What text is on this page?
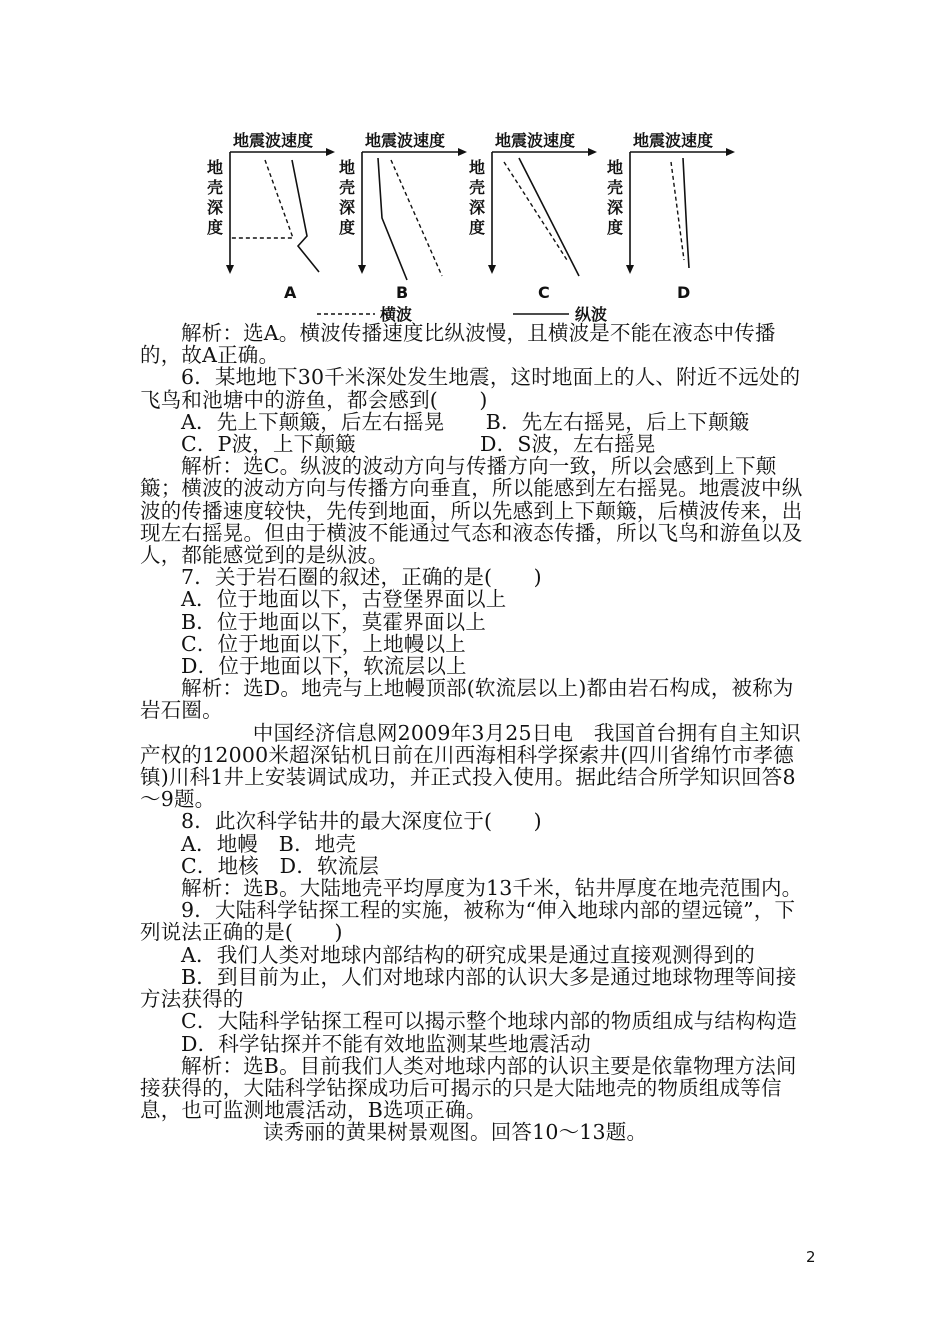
地震波速度
地
壳
深
度
A
地震波速度
地
壳
深
度
B
地震波速度
地
壳
深
度
C
地震波速度
地
壳
深
度
D
横波	纵波

解析：选A。横波传播速度比纵波慢，且横波是不能在液态中传播的，故A正确。

6．某地地下30千米深处发生地震，这时地面上的人、附近不远处的飞鸟和池塘中的游鱼，都会感到(　　)

A．先上下颠簸，后左右摇晃　　B．先左右摇晃，后上下颠簸

C．P波，上下颠簸　　　　　　D．S波，左右摇晃

解析：选C。纵波的波动方向与传播方向一致，所以会感到上下颠簸；横波的波动方向与传播方向垂直，所以能感到左右摇晃。地震波中纵波的传播速度较快，先传到地面，所以先感到上下颠簸，后横波传来，出现左右摇晃。但由于横波不能通过气态和液态传播，所以飞鸟和游鱼以及人，都能感觉到的是纵波。

7．关于岩石圈的叙述，正确的是(　　)

A．位于地面以下，古登堡界面以上

B．位于地面以下，莫霍界面以上

C．位于地面以下，上地幔以上

D．位于地面以下，软流层以上

解析：选D。地壳与上地幔顶部(软流层以上)都由岩石构成，被称为岩石圈。

中国经济信息网2009年3月25日电　我国首台拥有自主知识产权的12000米超深钻机日前在川西海相科学探索井(四川省绵竹市孝德镇)川科1井上安装调试成功，并正式投入使用。据此结合所学知识回答8～9题。

8．此次科学钻井的最大深度位于(　　)

A．地幔　B．地壳

C．地核　D．软流层

解析：选B。大陆地壳平均厚度为13千米，钻井厚度在地壳范围内。

9．大陆科学钻探工程的实施，被称为“伸入地球内部的望远镜”，下列说法正确的是(　　)

A．我们人类对地球内部结构的研究成果是通过直接观测得到的

B．到目前为止，人们对地球内部的认识大多是通过地球物理等间接方法获得的

C．大陆科学钻探工程可以揭示整个地球内部的物质组成与结构构造

D．科学钻探并不能有效地监测某些地震活动

解析：选B。目前我们人类对地球内部的认识主要是依靠物理方法间接获得的，大陆科学钻探成功后可揭示的只是大陆地壳的物质组成等信息，也可监测地震活动，B选项正确。

读秀丽的黄果树景观图。回答10～13题。

2
